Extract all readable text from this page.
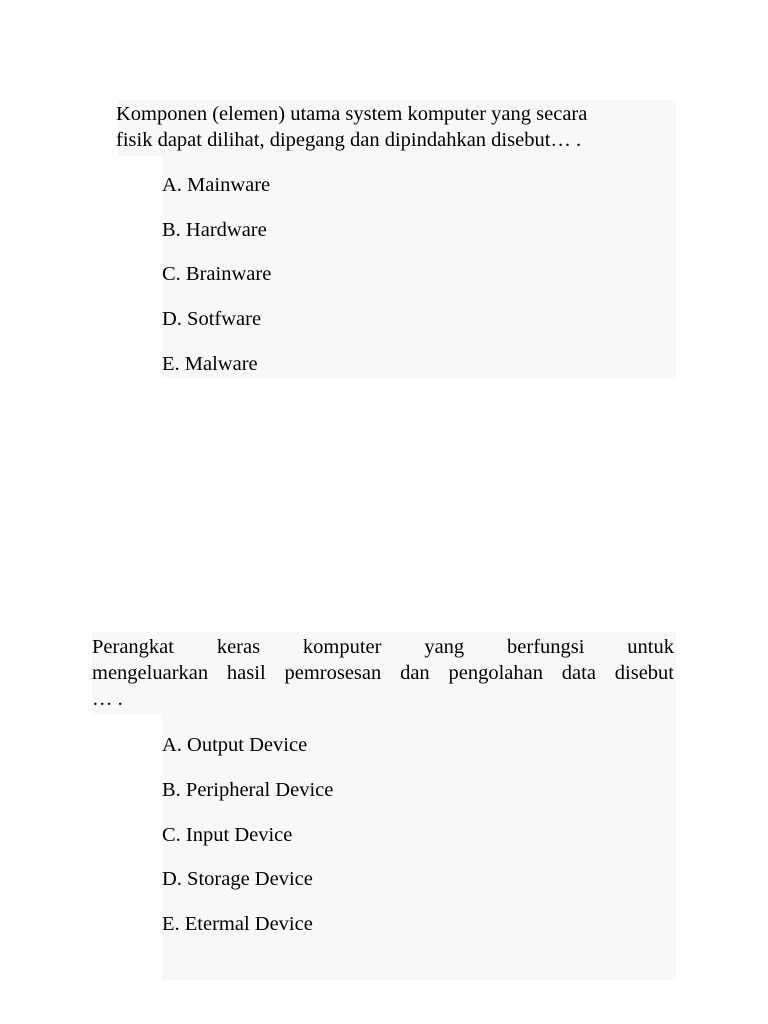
Komponen (elemen) utama system komputer yang secara
fisik dapat dilihat, dipegang dan dipindahkan disebut… .
A. Mainware
B. Hardware
C. Brainware
D. Sotfware
E. Malware
Perangkat keras komputer yang berfungsi untuk
mengeluarkan hasil pemrosesan dan pengolahan data disebut
… .
A. Output Device
B. Peripheral Device
C. Input Device
D. Storage Device
E. Etermal Device
